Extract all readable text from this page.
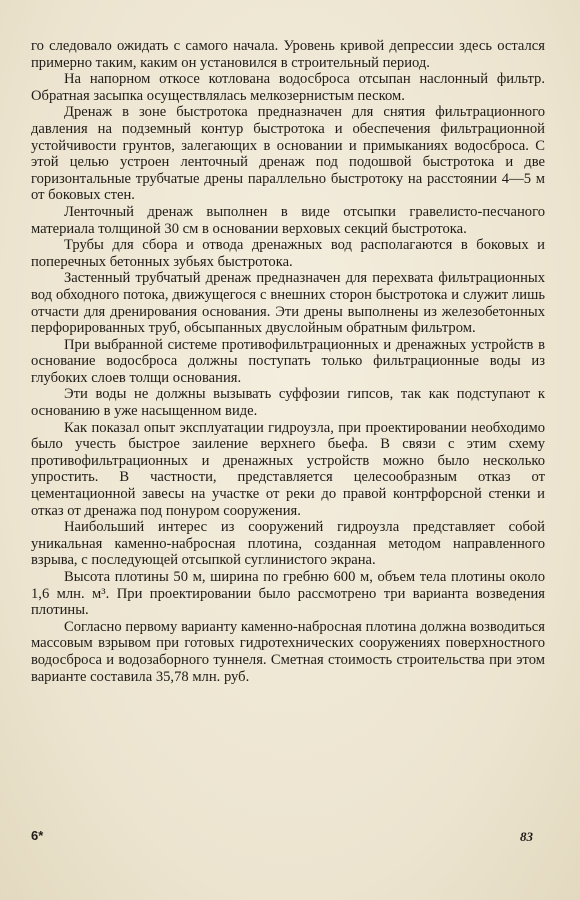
го следовало ожидать с самого начала. Уровень кривой депрессии здесь остался примерно таким, каким он установился в строительный период.

На напорном откосе котлована водосброса отсыпан наслонный фильтр. Обратная засыпка осуществлялась мелкозернистым песком.

Дренаж в зоне быстротока предназначен для снятия фильтрационного давления на подземный контур быстротока и обеспечения фильтрационной устойчивости грунтов, залегающих в основании и примыканиях водосброса. С этой целью устроен ленточный дренаж под подошвой быстротока и две горизонтальные трубчатые дрены параллельно быстротоку на расстоянии 4—5 м от боковых стен.

Ленточный дренаж выполнен в виде отсыпки гравелисто-песчаного материала толщиной 30 см в основании верховых секций быстротока.

Трубы для сбора и отвода дренажных вод располагаются в боковых и поперечных бетонных зубьях быстротока.

Застенный трубчатый дренаж предназначен для перехвата фильтрационных вод обходного потока, движущегося с внешних сторон быстротока и служит лишь отчасти для дренирования основания. Эти дрены выполнены из железобетонных перфорированных труб, обсыпанных двуслойным обратным фильтром.

При выбранной системе противофильтрационных и дренажных устройств в основание водосброса должны поступать только фильтрационные воды из глубоких слоев толщи основания.

Эти воды не должны вызывать суффозии гипсов, так как подступают к основанию в уже насыщенном виде.

Как показал опыт эксплуатации гидроузла, при проектировании необходимо было учесть быстрое заиление верхнего бьефа. В связи с этим схему противофильтрационных и дренажных устройств можно было несколько упростить. В частности, представляется целесообразным отказ от цементационной завесы на участке от реки до правой контрфорсной стенки и отказ от дренажа под понуром сооружения.

Наибольший интерес из сооружений гидроузла представляет собой уникальная каменно-набросная плотина, созданная методом направленного взрыва, с последующей отсыпкой суглинистого экрана.

Высота плотины 50 м, ширина по гребню 600 м, объем тела плотины около 1,6 млн. м³. При проектировании было рассмотрено три варианта возведения плотины.

Согласно первому варианту каменно-набросная плотина должна возводиться массовым взрывом при готовых гидротехнических сооружениях поверхностного водосброса и водозаборного туннеля. Сметная стоимость строительства при этом варианте составила 35,78 млн. руб.

6*	83
